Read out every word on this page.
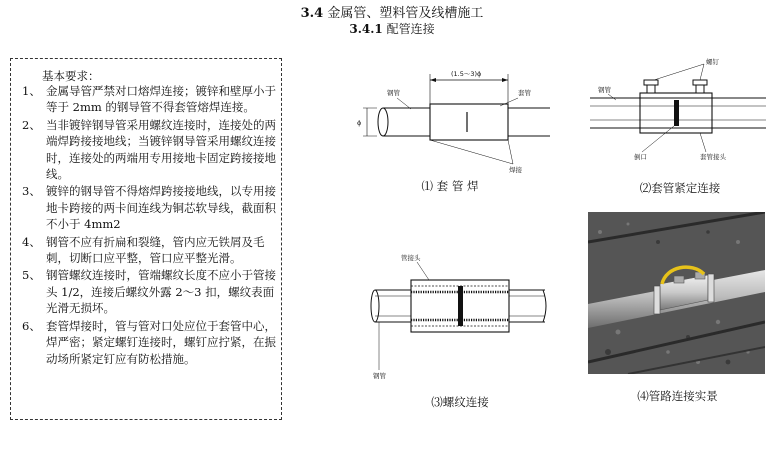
3.4 金属管、塑料管及线槽施工
3.4.1 配管连接
基本要求：
1、 金属导管严禁对口熔焊连接；镀锌和壁厚小于等于 2mm 的钢导管不得套管熔焊连接。
2、 当非镀锌钢导管采用螺纹连接时，连接处的两端焊跨接接地线；当镀锌钢导管采用螺纹连接时，连接处的两端用专用接地卡固定跨接接地线。
3、 镀锌的钢导管不得熔焊跨接接地线，以专用接地卡跨接的两卡间连线为铜芯软导线，截面积不小于 4mm2
4、 钢管不应有折扁和裂缝，管内应无铁屑及毛刺，切断口应平整，管口应平整光滑。
5、 钢管螺纹连接时，管端螺纹长度不应小于管接头 1/2，连接后螺纹外露 2～3 扣，螺纹表面光滑无损坏。
6、 套管焊接时，管与管对口处应位于套管中心，焊严密；紧定螺钉连接时，螺钉应拧紧，在振动场所紧定钉应有防松措施。
(1.5～3)ϕ
ϕ
钢管	套管
焊接
⑴ 套 管 焊
螺钉
钢管
倒口	套管接头
⑵套管紧定连接
管接头
钢管
⑶螺纹连接	⑷管路连接实景
